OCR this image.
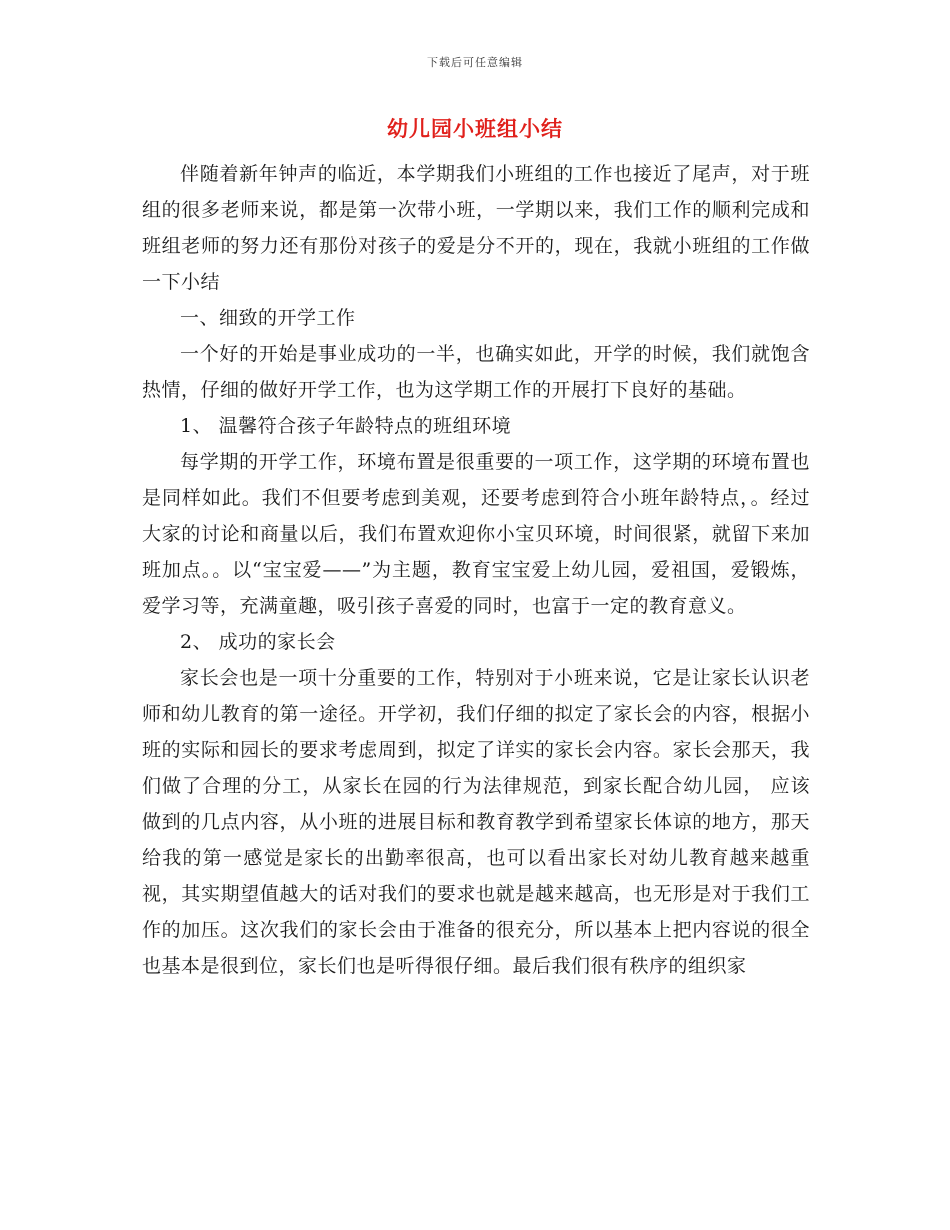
下载后可任意编辑
幼儿园小班组小结

伴随着新年钟声的临近，本学期我们小班组的工作也接近了尾声，对于班组的很多老师来说，都是第一次带小班，一学期以来，我们工作的顺利完成和班组老师的努力还有那份对孩子的爱是分不开的，现在，我就小班组的工作做一下小结

一、细致的开学工作

一个好的开始是事业成功的一半，也确实如此，开学的时候，我们就饱含热情，仔细的做好开学工作，也为这学期工作的开展打下良好的基础。

1、 温馨符合孩子年龄特点的班组环境

每学期的开学工作，环境布置是很重要的一项工作，这学期的环境布置也是同样如此。我们不但要考虑到美观，还要考虑到符合小班年龄特点，。经过大家的讨论和商量以后，我们布置欢迎你小宝贝环境，时间很紧，就留下来加班加点。。以“宝宝爱——”为主题，教育宝宝爱上幼儿园，爱祖国，爱锻炼，爱学习等，充满童趣，吸引孩子喜爱的同时，也富于一定的教育意义。

2、 成功的家长会

家长会也是一项十分重要的工作，特别对于小班来说，它是让家长认识老师和幼儿教育的第一途径。开学初，我们仔细的拟定了家长会的内容，根据小班的实际和园长的要求考虑周到，拟定了详实的家长会内容。家长会那天，我们做了合理的分工，从家长在园的行为法律规范，到家长配合幼儿园， 应该做到的几点内容，从小班的进展目标和教育教学到希望家长体谅的地方，那天给我的第一感觉是家长的出勤率很高，也可以看出家长对幼儿教育越来越重视，其实期望值越大的话对我们的要求也就是越来越高，也无形是对于我们工作的加压。这次我们的家长会由于准备的很充分，所以基本上把内容说的很全也基本是很到位，家长们也是听得很仔细。最后我们很有秩序的组织家
